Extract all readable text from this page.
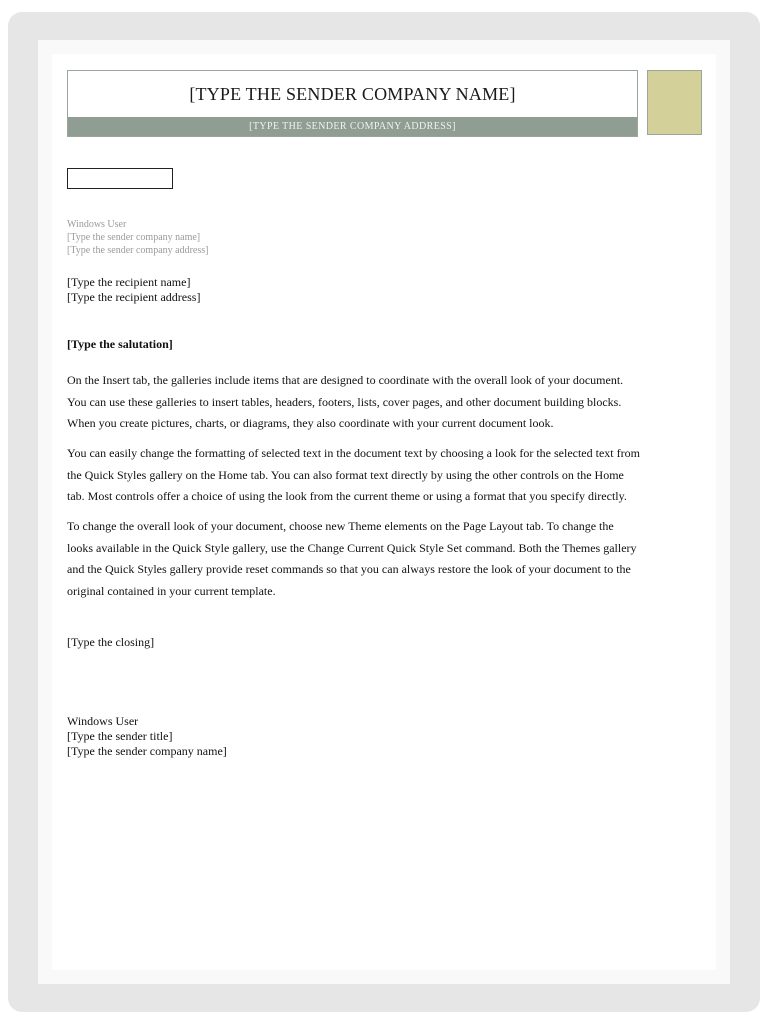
[TYPE THE SENDER COMPANY NAME]
[TYPE THE SENDER COMPANY ADDRESS]
Windows User
[Type the sender company name]
[Type the sender company address]
[Type the recipient name]
[Type the recipient address]
[Type the salutation]

On the Insert tab, the galleries include items that are designed to coordinate with the overall look of your document.
You can use these galleries to insert tables, headers, footers, lists, cover pages, and other document building blocks.
When you create pictures, charts, or diagrams, they also coordinate with your current document look.

You can easily change the formatting of selected text in the document text by choosing a look for the selected text from
the Quick Styles gallery on the Home tab. You can also format text directly by using the other controls on the Home
tab. Most controls offer a choice of using the look from the current theme or using a format that you specify directly.

To change the overall look of your document, choose new Theme elements on the Page Layout tab. To change the
looks available in the Quick Style gallery, use the Change Current Quick Style Set command. Both the Themes gallery
and the Quick Styles gallery provide reset commands so that you can always restore the look of your document to the
original contained in your current template.

[Type the closing]
Windows User
[Type the sender title]
[Type the sender company name]
